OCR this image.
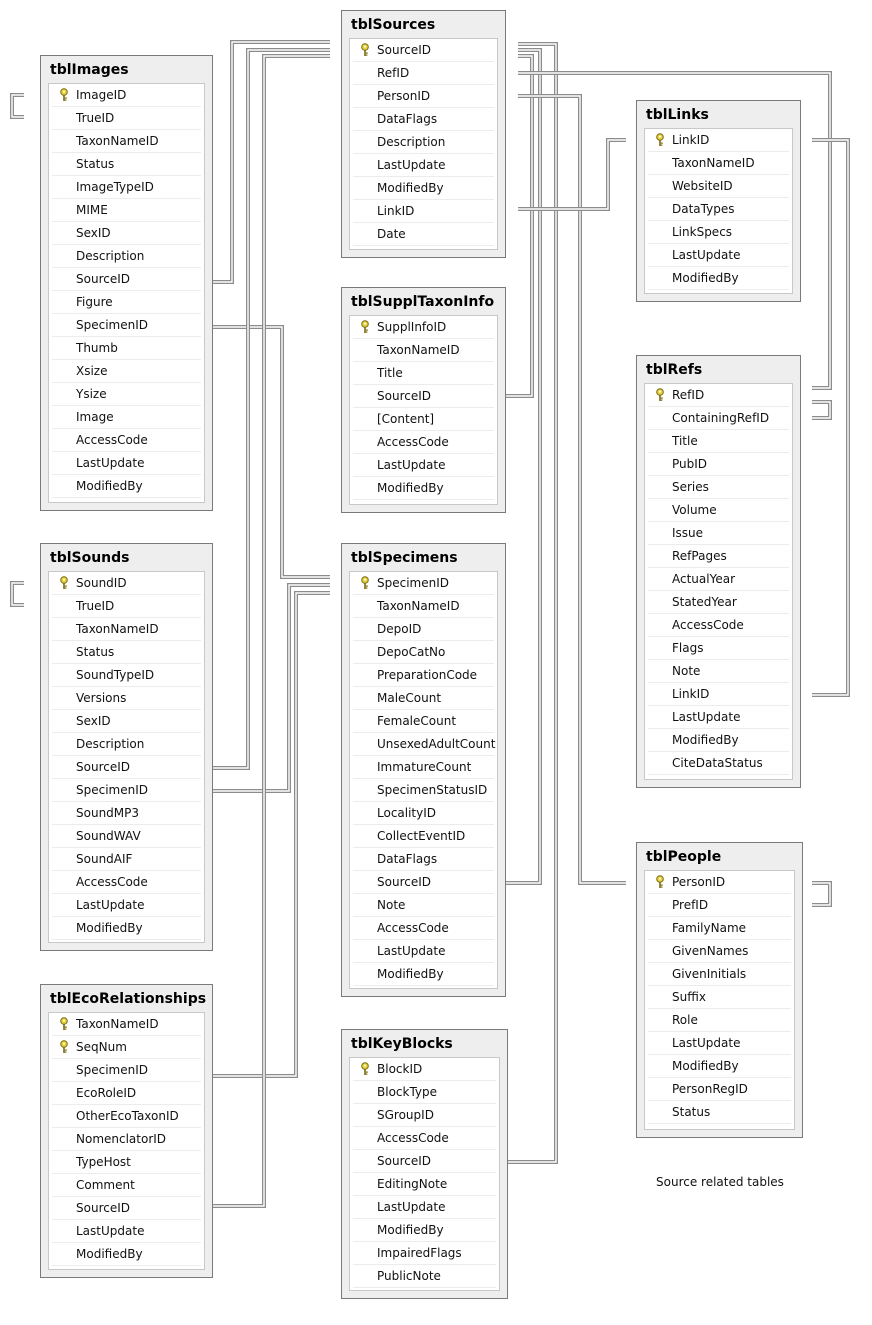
tblImages
ImageID
TrueID
TaxonNameID
Status
ImageTypeID
MIME
SexID
Description
SourceID
Figure
SpecimenID
Thumb
Xsize
Ysize
Image
AccessCode
LastUpdate
ModifiedBy
tblSounds
SoundID
TrueID
TaxonNameID
Status
SoundTypeID
Versions
SexID
Description
SourceID
SpecimenID
SoundMP3
SoundWAV
SoundAIF
AccessCode
LastUpdate
ModifiedBy
tblEcoRelationships
TaxonNameID
SeqNum
SpecimenID
EcoRoleID
OtherEcoTaxonID
NomenclatorID
TypeHost
Comment
SourceID
LastUpdate
ModifiedBy
tblSources
SourceID
RefID
PersonID
DataFlags
Description
LastUpdate
ModifiedBy
LinkID
Date
tblSupplTaxonInfo
SupplInfoID
TaxonNameID
Title
SourceID
[Content]
AccessCode
LastUpdate
ModifiedBy
tblSpecimens
SpecimenID
TaxonNameID
DepoID
DepoCatNo
PreparationCode
MaleCount
FemaleCount
UnsexedAdultCount
ImmatureCount
SpecimenStatusID
LocalityID
CollectEventID
DataFlags
SourceID
Note
AccessCode
LastUpdate
ModifiedBy
tblKeyBlocks
BlockID
BlockType
SGroupID
AccessCode
SourceID
EditingNote
LastUpdate
ModifiedBy
ImpairedFlags
PublicNote
tblLinks
LinkID
TaxonNameID
WebsiteID
DataTypes
LinkSpecs
LastUpdate
ModifiedBy
tblRefs
RefID
ContainingRefID
Title
PubID
Series
Volume
Issue
RefPages
ActualYear
StatedYear
AccessCode
Flags
Note
LinkID
LastUpdate
ModifiedBy
CiteDataStatus
tblPeople
PersonID
PrefID
FamilyName
GivenNames
GivenInitials
Suffix
Role
LastUpdate
ModifiedBy
PersonRegID
Status
Source related tables
